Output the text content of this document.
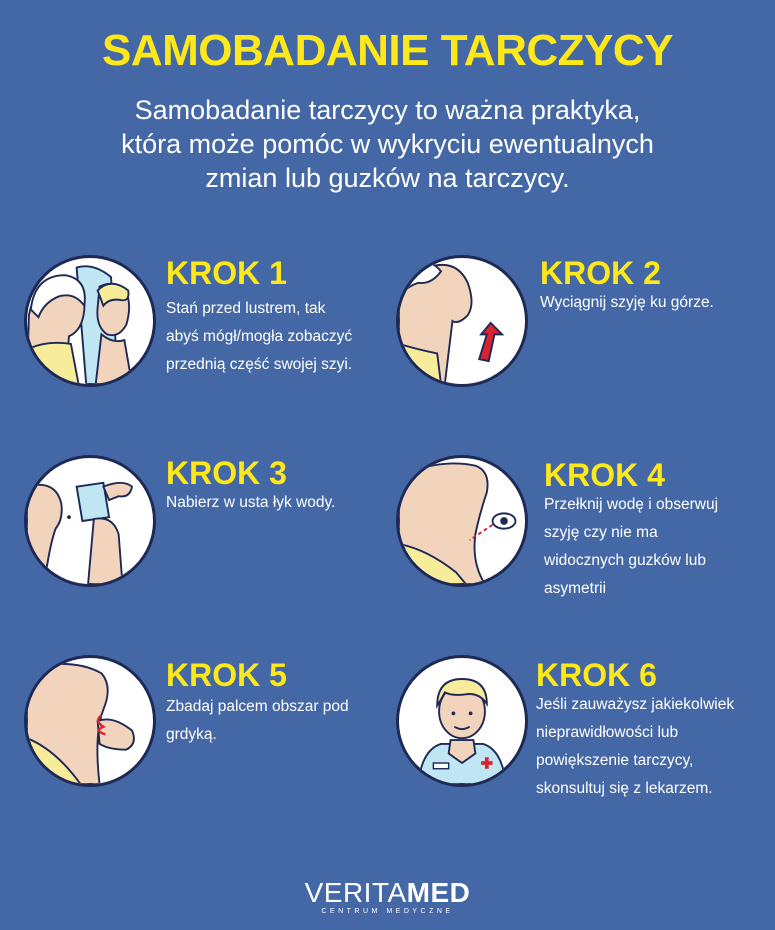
SAMOBADANIE TARCZYCY

Samobadanie tarczycy to ważna praktyka,
która może pomóc w wykryciu ewentualnych
zmian lub guzków na tarczycy.

KROK 1

Stań przed lustrem, tak
abyś mógł/mogła zobaczyć
przednią część swojej szyi.

KROK 2

Wyciągnij szyję ku górze.

KROK 3

Nabierz w usta łyk wody.

KROK 4

Przełknij wodę i obserwuj
szyję czy nie ma
widocznych guzków lub
asymetrii

KROK 5

Zbadaj palcem obszar pod
grdyką.

KROK 6

Jeśli zauważysz jakiekolwiek
nieprawidłowości lub
powiększenie tarczycy,
skonsultuj się z lekarzem.

VERITAMED
CENTRUM MEDYCZNE
